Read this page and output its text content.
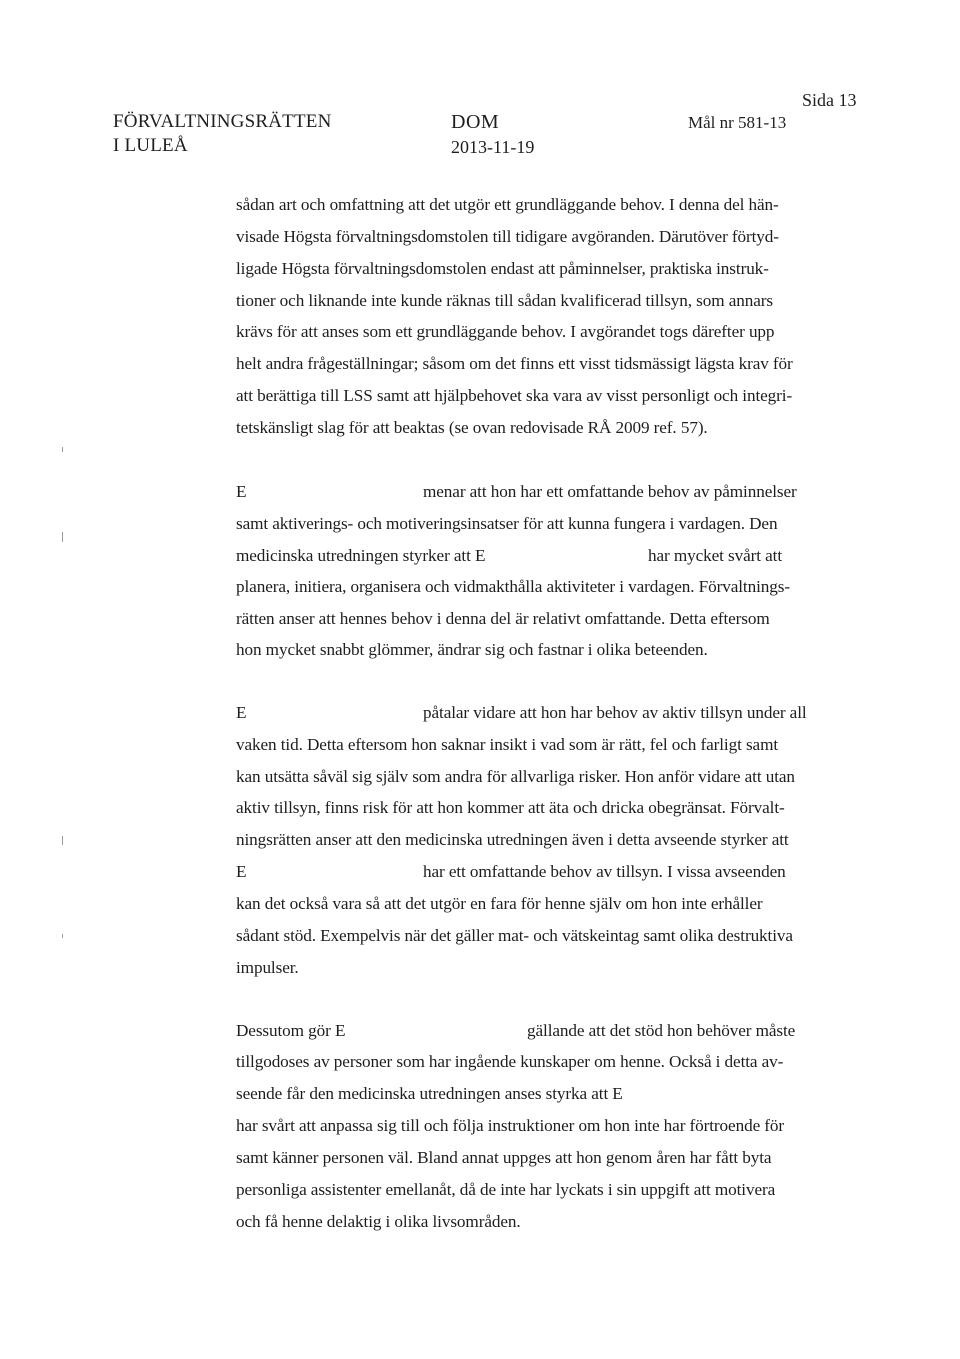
FÖRVALTNINGSRÄTTEN
I LULEÅ
DOM
2013-11-19
Mål nr 581-13
Sida 13
sådan art och omfattning att det utgör ett grundläggande behov. I denna del hän-
visade Högsta förvaltningsdomstolen till tidigare avgöranden. Därutöver förtyd-
ligade Högsta förvaltningsdomstolen endast att påminnelser, praktiska instruk-
tioner och liknande inte kunde räknas till sådan kvalificerad tillsyn, som annars
krävs för att anses som ett grundläggande behov. I avgörandet togs därefter upp
helt andra frågeställningar; såsom om det finns ett visst tidsmässigt lägsta krav för
att berättiga till LSS samt att hjälpbehovet ska vara av visst personligt och integri-
tetskänsligt slag för att beaktas (se ovan redovisade RÅ 2009 ref. 57).
E	menar att hon har ett omfattande behov av påminnelser
samt aktiverings- och motiveringsinsatser för att kunna fungera i vardagen. Den
medicinska utredningen styrker att E	har mycket svårt att
planera, initiera, organisera och vidmakthålla aktiviteter i vardagen. Förvaltnings-
rätten anser att hennes behov i denna del är relativt omfattande. Detta eftersom
hon mycket snabbt glömmer, ändrar sig och fastnar i olika beteenden.
E	påtalar vidare att hon har behov av aktiv tillsyn under all
vaken tid. Detta eftersom hon saknar insikt i vad som är rätt, fel och farligt samt
kan utsätta såväl sig själv som andra för allvarliga risker. Hon anför vidare att utan
aktiv tillsyn, finns risk för att hon kommer att äta och dricka obegränsat. Förvalt-
ningsrätten anser att den medicinska utredningen även i detta avseende styrker att
E	har ett omfattande behov av tillsyn. I vissa avseenden
kan det också vara så att det utgör en fara för henne själv om hon inte erhåller
sådant stöd. Exempelvis när det gäller mat- och vätskeintag samt olika destruktiva
impulser.
Dessutom gör E	gällande att det stöd hon behöver måste
tillgodoses av personer som har ingående kunskaper om henne. Också i detta av-
seende får den medicinska utredningen anses styrka att E
har svårt att anpassa sig till och följa instruktioner om hon inte har förtroende för
samt känner personen väl. Bland annat uppges att hon genom åren har fått byta
personliga assistenter emellanåt, då de inte har lyckats i sin uppgift att motivera
och få henne delaktig i olika livsområden.
